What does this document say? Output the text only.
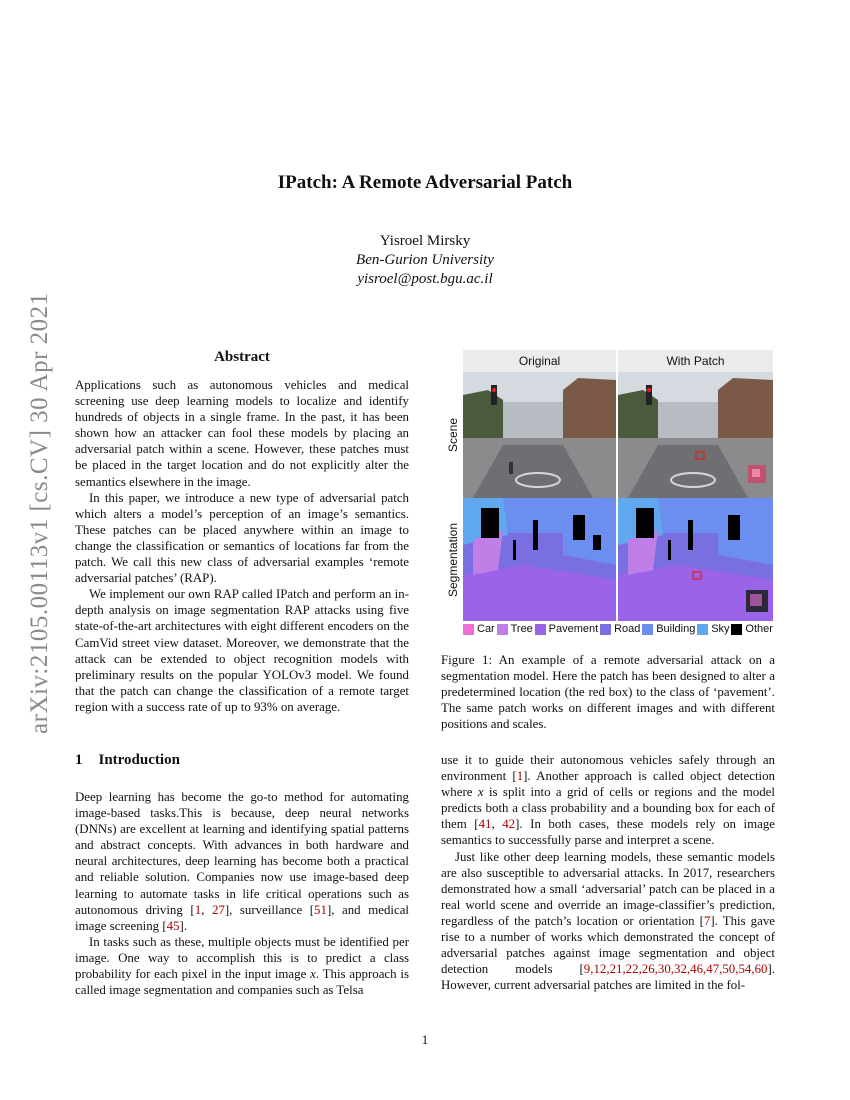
arXiv:2105.00113v1 [cs.CV] 30 Apr 2021
IPatch: A Remote Adversarial Patch
Yisroel Mirsky
Ben-Gurion University
yisroel@post.bgu.ac.il
Abstract

Applications such as autonomous vehicles and medical screening use deep learning models to localize and identify hundreds of objects in a single frame. In the past, it has been shown how an attacker can fool these models by placing an adversarial patch within a scene. However, these patches must be placed in the target location and do not explicitly alter the semantics elsewhere in the image.

In this paper, we introduce a new type of adversarial patch which alters a model’s perception of an image’s semantics. These patches can be placed anywhere within an image to change the classification or semantics of locations far from the patch. We call this new class of adversarial examples ‘remote adversarial patches’ (RAP).

We implement our own RAP called IPatch and perform an in-depth analysis on image segmentation RAP attacks using five state-of-the-art architectures with eight different encoders on the CamVid street view dataset. Moreover, we demonstrate that the attack can be extended to object recognition models with preliminary results on the popular YOLOv3 model. We found that the patch can change the classification of a remote target region with a success rate of up to 93% on average.

1 Introduction

Deep learning has become the go-to method for automating image-based tasks.This is because, deep neural networks (DNNs) are excellent at learning and identifying spatial patterns and abstract concepts. With advances in both hardware and neural architectures, deep learning has become both a practical and reliable solution. Companies now use image-based deep learning to automate tasks in life critical operations such as autonomous driving [1, 27], surveillance [51], and medical image screening [45].

In tasks such as these, multiple objects must be identified per image. One way to accomplish this is to predict a class probability for each pixel in the input image x. This approach is called image segmentation and companies such as Telsa

Original	With Patch
Scene
Segmentation
Car Tree Pavement Road Building Sky Other
Figure 1: An example of a remote adversarial attack on a segmentation model. Here the patch has been designed to alter a predetermined location (the red box) to the class of ‘pavement’. The same patch works on different images and with different positions and scales.

use it to guide their autonomous vehicles safely through an environment [1]. Another approach is called object detection where x is split into a grid of cells or regions and the model predicts both a class probability and a bounding box for each of them [41, 42]. In both cases, these models rely on image semantics to successfully parse and interpret a scene.

Just like other deep learning models, these semantic models are also susceptible to adversarial attacks. In 2017, researchers demonstrated how a small ‘adversarial’ patch can be placed in a real world scene and override an image-classifier’s prediction, regardless of the patch’s location or orientation [7]. This gave rise to a number of works which demonstrated the concept of adversarial patches against image segmentation and object detection models [9,12,21,22,26,30,32,46,47,50,54,60]. However, current adversarial patches are limited in the fol-

1
